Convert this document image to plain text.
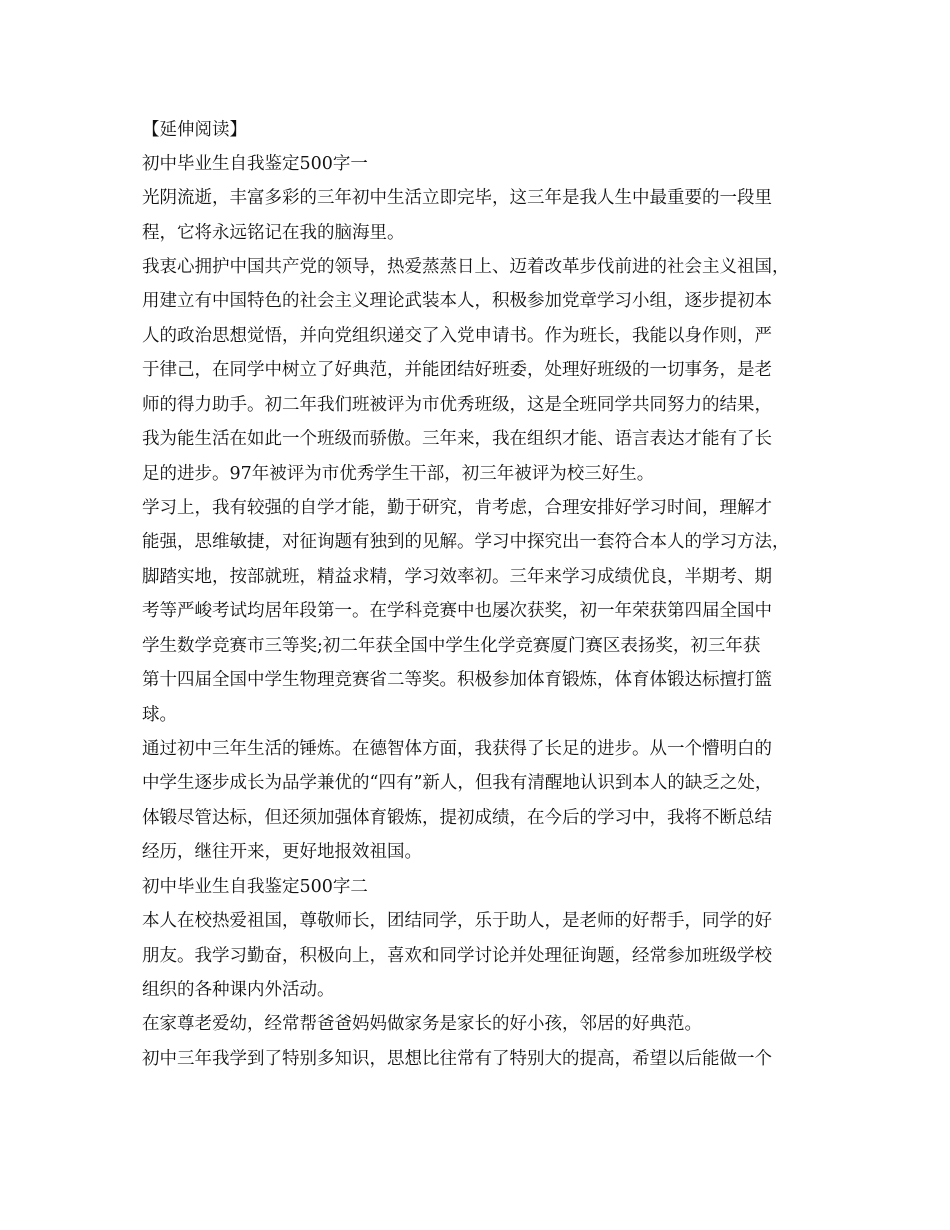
【延伸阅读】

初中毕业生自我鉴定500字一

光阴流逝，丰富多彩的三年初中生活立即完毕，这三年是我人生中最重要的一段里

程，它将永远铭记在我的脑海里。

我衷心拥护中国共产党的领导，热爱蒸蒸日上、迈着改革步伐前进的社会主义祖国，

用建立有中国特色的社会主义理论武装本人，积极参加党章学习小组，逐步提初本

人的政治思想觉悟，并向党组织递交了入党申请书。作为班长，我能以身作则，严

于律己，在同学中树立了好典范，并能团结好班委，处理好班级的一切事务，是老

师的得力助手。初二年我们班被评为市优秀班级，这是全班同学共同努力的结果，

我为能生活在如此一个班级而骄傲。三年来，我在组织才能、语言表达才能有了长

足的进步。97年被评为市优秀学生干部，初三年被评为校三好生。

学习上，我有较强的自学才能，勤于研究，肯考虑，合理安排好学习时间，理解才

能强，思维敏捷，对征询题有独到的见解。学习中探究出一套符合本人的学习方法，

脚踏实地，按部就班，精益求精，学习效率初。三年来学习成绩优良，半期考、期

考等严峻考试均居年段第一。在学科竞赛中也屡次获奖，初一年荣获第四届全国中

学生数学竞赛市三等奖;初二年获全国中学生化学竞赛厦门赛区表扬奖，初三年获

第十四届全国中学生物理竞赛省二等奖。积极参加体育锻炼，体育体锻达标擅打篮

球。

通过初中三年生活的锤炼。在德智体方面，我获得了长足的进步。从一个懵明白的

中学生逐步成长为品学兼优的“四有”新人，但我有清醒地认识到本人的缺乏之处，

体锻尽管达标，但还须加强体育锻炼，提初成绩，在今后的学习中，我将不断总结

经历，继往开来，更好地报效祖国。

初中毕业生自我鉴定500字二

本人在校热爱祖国，尊敬师长，团结同学，乐于助人，是老师的好帮手，同学的好

朋友。我学习勤奋，积极向上，喜欢和同学讨论并处理征询题，经常参加班级学校

组织的各种课内外活动。

在家尊老爱幼，经常帮爸爸妈妈做家务是家长的好小孩，邻居的好典范。

初中三年我学到了特别多知识，思想比往常有了特别大的提高，希望以后能做一个
